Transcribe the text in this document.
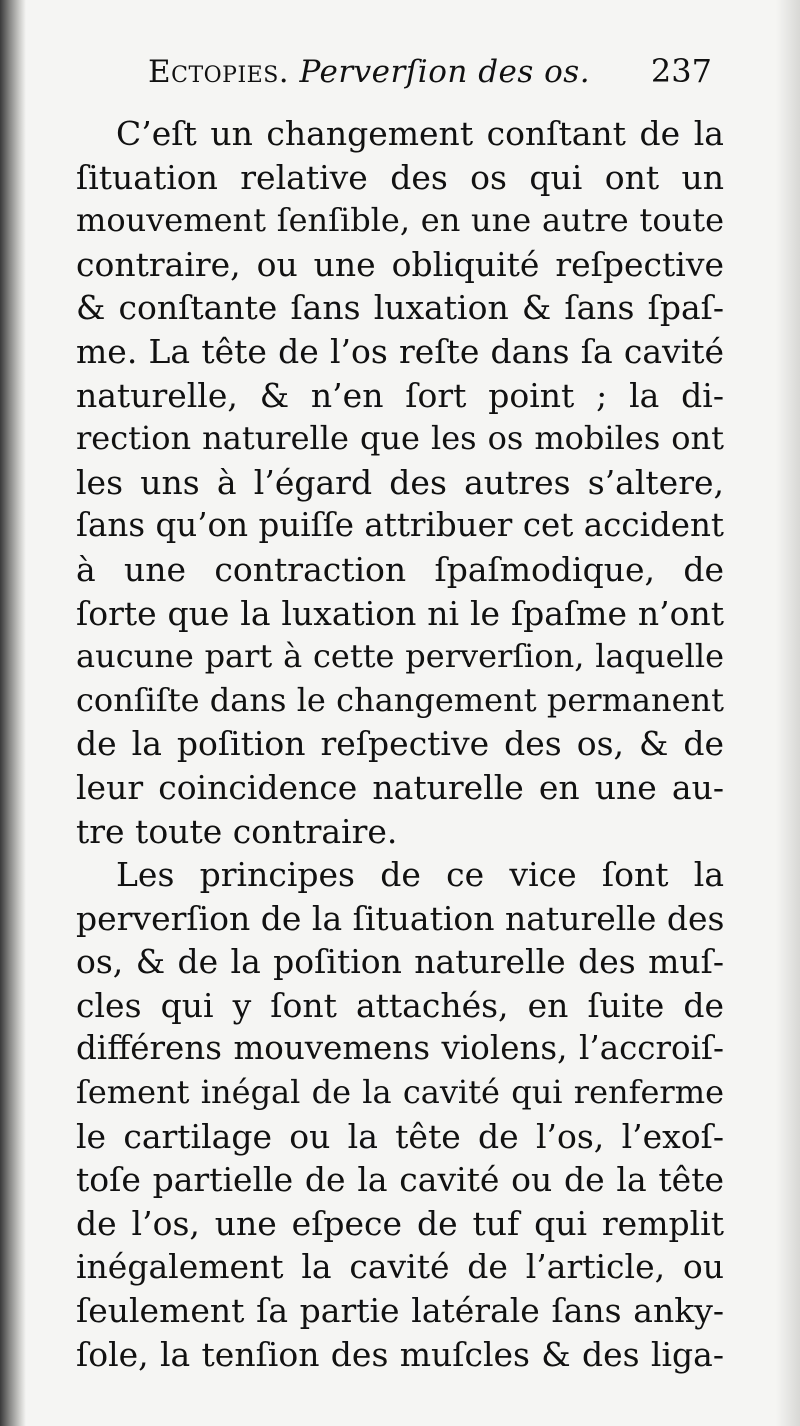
Ectopies. Perverſion des os. 237
C’eſt un changement conſtant de la
ſituation relative des os qui ont un
mouvement ſenſible, en une autre toute
contraire, ou une obliquité reſpective
& conſtante ſans luxation & ſans ſpaſ-
me. La tête de l’os reſte dans ſa cavité
naturelle, & n’en ſort point ; la di-
rection naturelle que les os mobiles ont
les uns à l’égard des autres s’altere,
ſans qu’on puiſſe attribuer cet accident
à une contraction ſpaſmodique, de
ſorte que la luxation ni le ſpaſme n’ont
aucune part à cette perverſion, laquelle
conſiſte dans le changement permanent
de la poſition reſpective des os, & de
leur coincidence naturelle en une au-
tre toute contraire.
Les principes de ce vice ſont la
perverſion de la ſituation naturelle des
os, & de la poſition naturelle des muſ-
cles qui y ſont attachés, en ſuite de
différens mouvemens violens, l’accroiſ-
ſement inégal de la cavité qui renferme
le cartilage ou la tête de l’os, l’exoſ-
toſe partielle de la cavité ou de la tête
de l’os, une eſpece de tuf qui remplit
inégalement la cavité de l’article, ou
ſeulement ſa partie latérale ſans anky-
ſole, la tenſion des muſcles & des liga-
